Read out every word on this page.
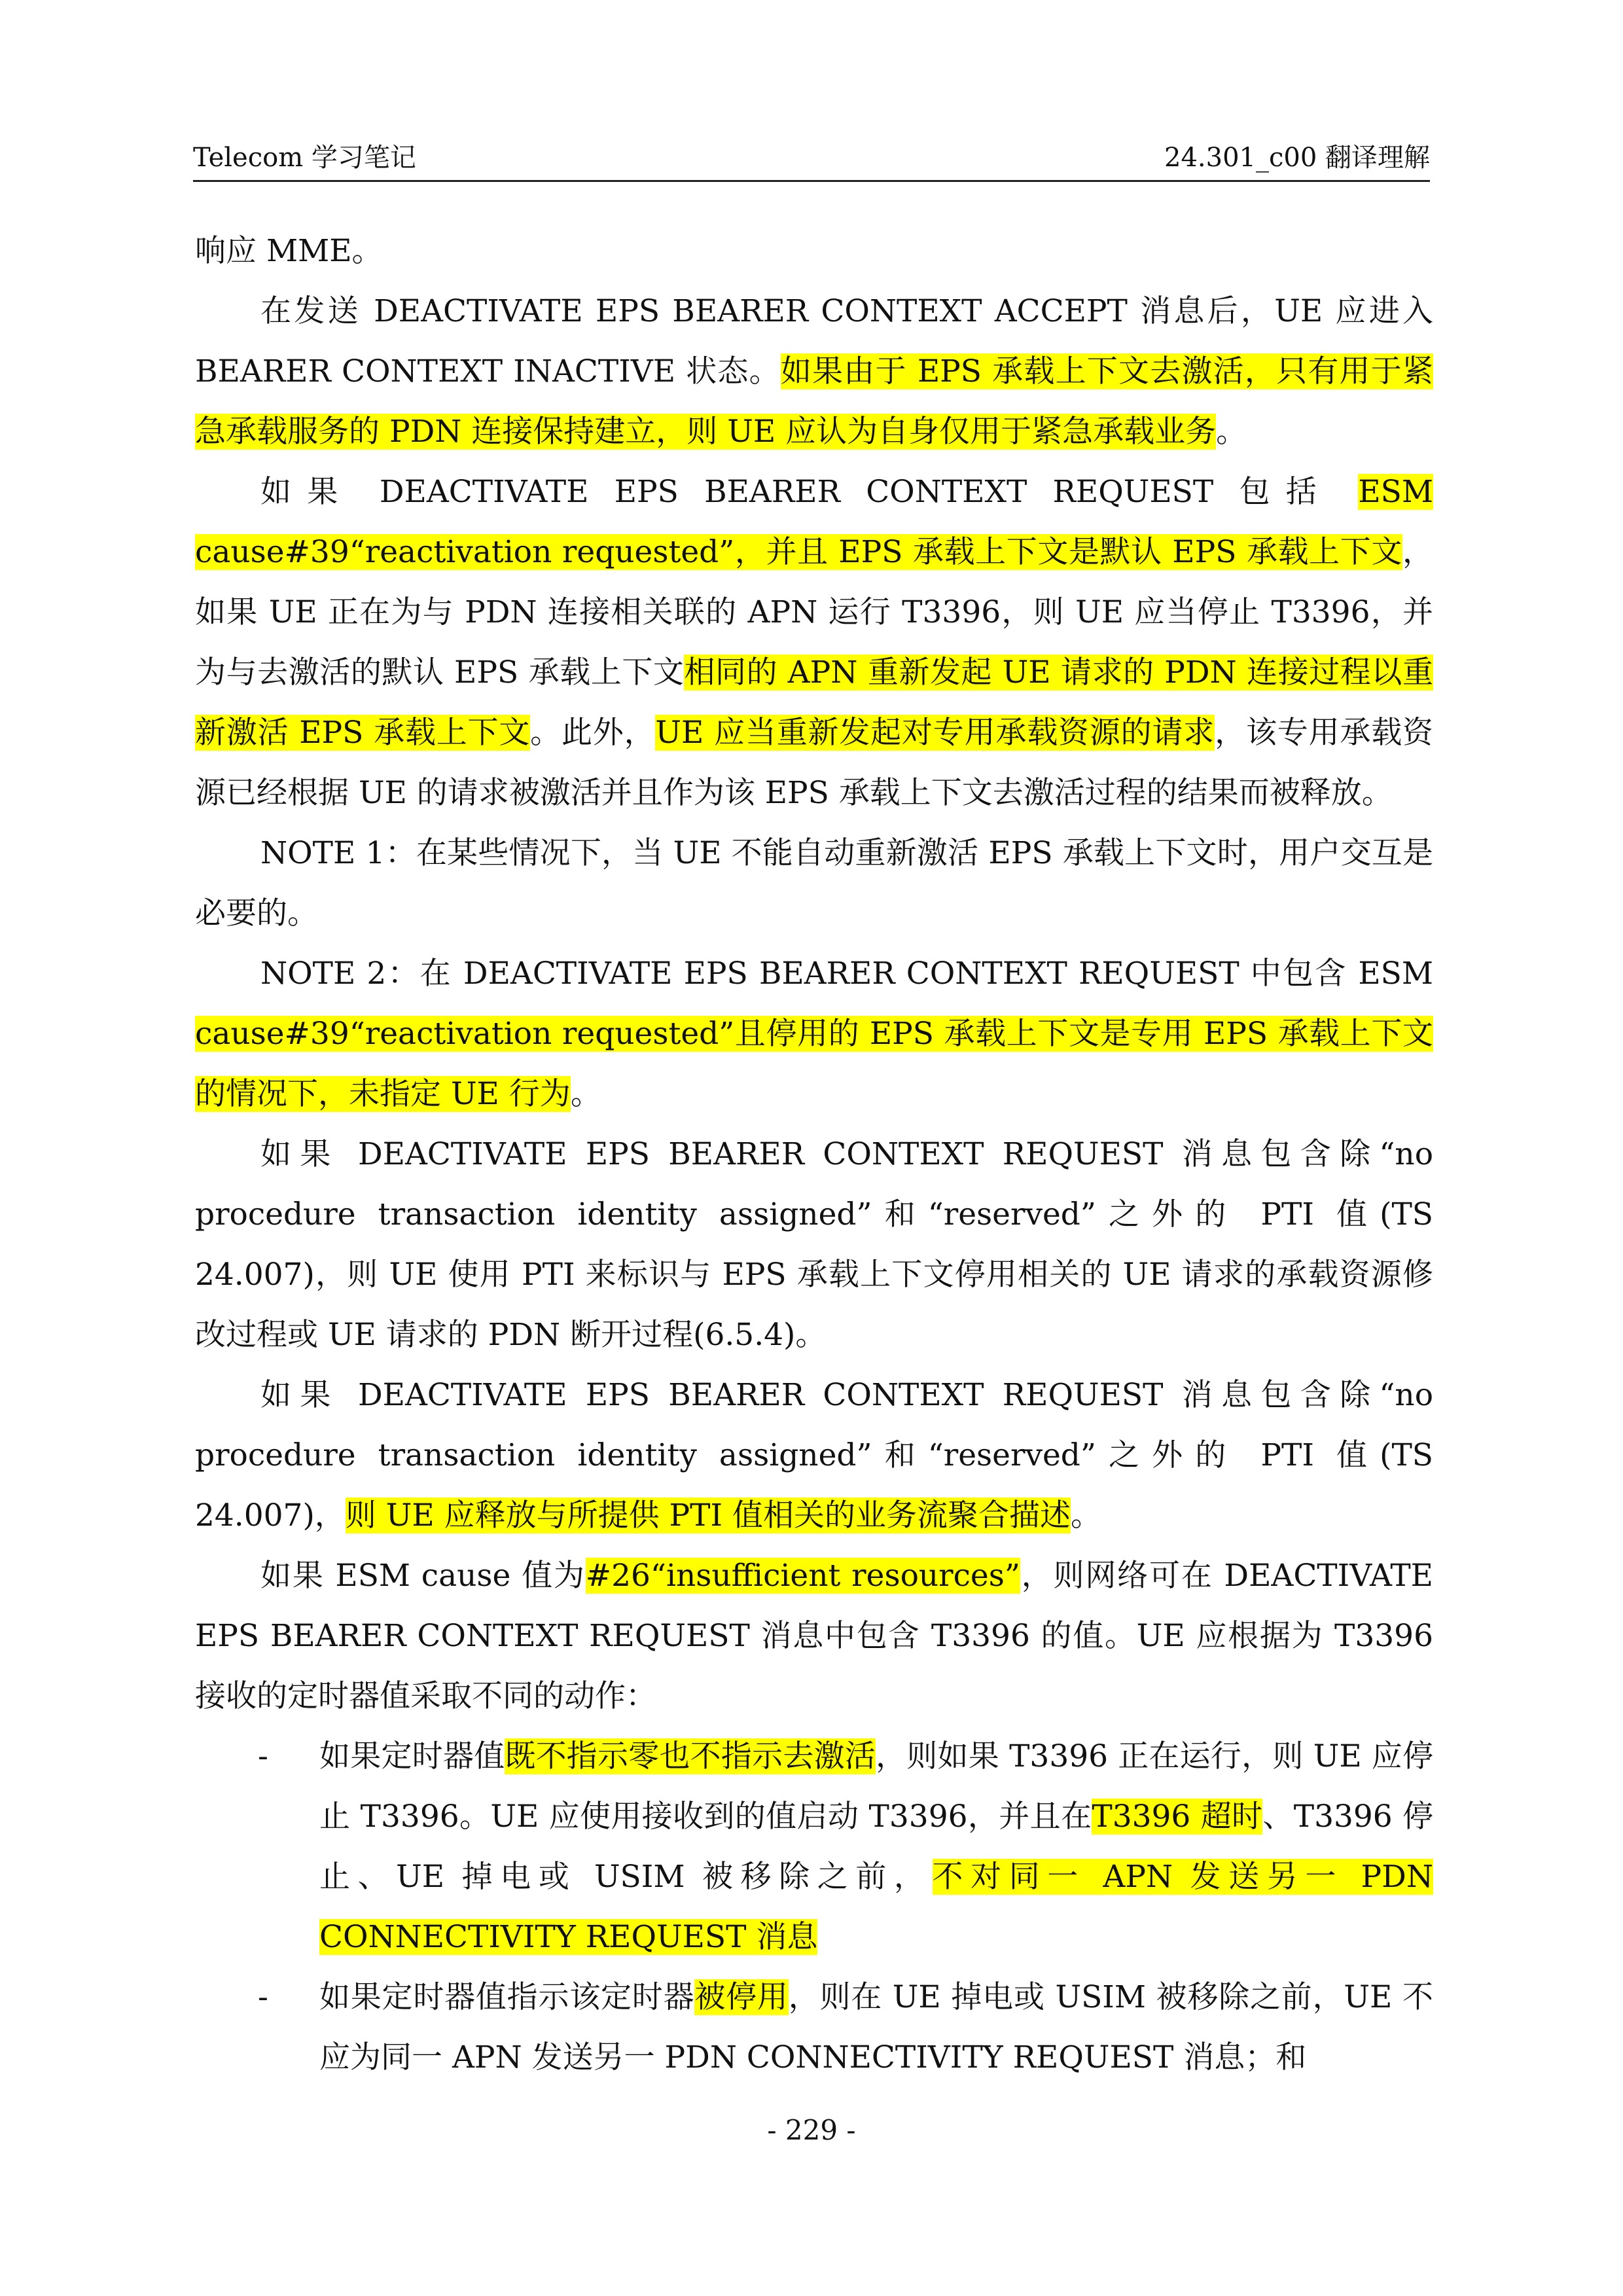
Telecom 学习笔记	24.301_c00 翻译理解

响应 MME。

在发送 DEACTIVATE EPS BEARER CONTEXT ACCEPT 消息后，UE 应进入 BEARER CONTEXT INACTIVE 状态。如果由于 EPS 承载上下文去激活，只有用于紧急承载服务的 PDN 连接保持建立，则 UE 应认为自身仅用于紧急承载业务。

如果 DEACTIVATE EPS BEARER CONTEXT REQUEST 包括 ESM cause#39“reactivation requested”，并且 EPS 承载上下文是默认 EPS 承载上下文，如果 UE 正在为与 PDN 连接相关联的 APN 运行 T3396，则 UE 应当停止 T3396，并为与去激活的默认 EPS 承载上下文相同的 APN 重新发起 UE 请求的 PDN 连接过程以重新激活 EPS 承载上下文。此外，UE 应当重新发起对专用承载资源的请求，该专用承载资源已经根据 UE 的请求被激活并且作为该 EPS 承载上下文去激活过程的结果而被释放。

NOTE 1：在某些情况下，当 UE 不能自动重新激活 EPS 承载上下文时，用户交互是必要的。

NOTE 2：在 DEACTIVATE EPS BEARER CONTEXT REQUEST 中包含 ESM cause#39“reactivation requested”且停用的 EPS 承载上下文是专用 EPS 承载上下文的情况下，未指定 UE 行为。

如果 DEACTIVATE EPS BEARER CONTEXT REQUEST 消息包含除“no procedure transaction identity assigned”和“reserved”之外的 PTI 值(TS 24.007)，则 UE 使用 PTI 来标识与 EPS 承载上下文停用相关的 UE 请求的承载资源修改过程或 UE 请求的 PDN 断开过程(6.5.4)。

如果 DEACTIVATE EPS BEARER CONTEXT REQUEST 消息包含除“no procedure transaction identity assigned”和“reserved”之外的 PTI 值(TS 24.007)，则 UE 应释放与所提供 PTI 值相关的业务流聚合描述。

如果 ESM cause 值为#26“insufficient resources”，则网络可在 DEACTIVATE EPS BEARER CONTEXT REQUEST 消息中包含 T3396 的值。UE 应根据为 T3396 接收的定时器值采取不同的动作：

- 如果定时器值既不指示零也不指示去激活，则如果 T3396 正在运行，则 UE 应停止 T3396。UE 应使用接收到的值启动 T3396，并且在T3396 超时、T3396 停止、UE 掉电或 USIM 被移除之前，不对同一 APN 发送另一 PDN CONNECTIVITY REQUEST 消息
- 如果定时器值指示该定时器被停用，则在 UE 掉电或 USIM 被移除之前，UE 不应为同一 APN 发送另一 PDN CONNECTIVITY REQUEST 消息；和
- 229 -
